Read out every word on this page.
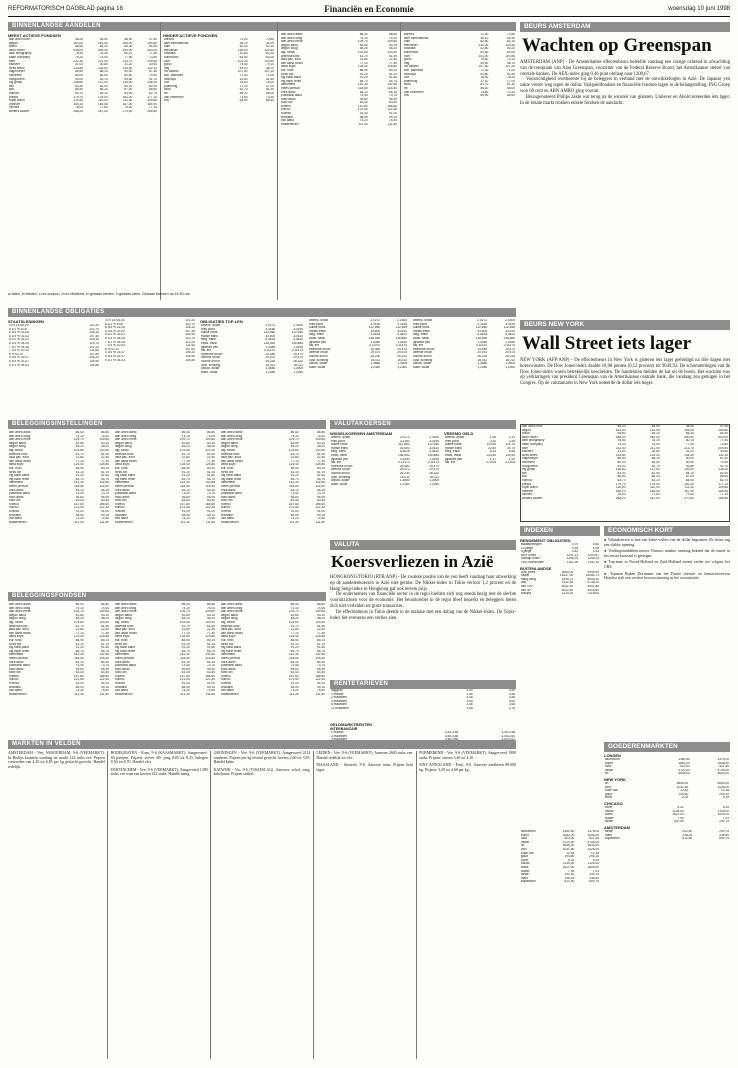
REFORMATORISCH DAGBLAD pagina 18	Financiën en Economie	woensdag 10 juni 1998
BINNENLANDSE AANDELEN
MEEST ACTIEVE FONDSEN
abn amro hold	48.20	48.50	48.90	47.60
aegon	163,00	161,50	165,00	159,80
ahold	65,60	65,20	66,30	64,90
akzo nobel	448,00	445,00	450,00	443,00
asm lithography	78,40	78,30	80,10	77,50
baan company	75,20	74,00	77,90	73,80
dsm	212,30	211,00	213,70	209,50
elsevier	31,00	30,80	31,20	30,60
fortis amev	133,80	133,00	134,40	132,10
hagemeyer	88,90	88,10	90,00	87,40
heineken	80,00	80,50	80,90	79,90
hoogovens	93,00	92,70	93,80	91,70
ing groep	138,60	137,50	139,90	136,20
klm	83,30	82,90	84,10	82,00
kpn	86,50	86,20	87,00	85,60
numico	63,70	63,10	64,00	62,70
philips	179,70	178,00	181,20	177,10
royal dutch	110,50	110,00	111,30	109,60
unilever	166,10	165,50	167,00	164,90
vendex	78,00	77,80	79,00	77,10
wolters kluwer	268,20	267,00	270,40	265,60
HINDER ACTIEVE FONDSEN
ahrend	71,00	70,80
asm international	35,10	34,90
bam	62,50	62,10
benckiser	130,00	129,50
boskalis	52,60	52,20
buhrmann	63,40	63,00
csm	101,00	100,80
gucci	79,40	79,10
hbg	49,00	48,70
ihc caland	107,50	107,20
kon. pakhoed	71,30	71,00
nedlloyd	51,80	51,50
oce	78,40	78,20
pharming	17,10	17,00
stork	81,70	81,30
tnt	55,20	55,00
van ommeren	73,60	73,30
vnu	65,90	65,60
abn amro aand	86,40	86,80
abn amro oblig	74,10	74,00
abn amro rente	109,70	109,60
aegon aand	52,80	53,10
aegon oblig	48,20	48,20
alg. fonds	103,60	103,90
amerika fund	61,70	61,50
asia pac. fund	22,80	22,40
asn aand fonds	77,10	77,40
delta lloyd	125,40	125,80
eur. fund	88,90	89,10
fortis obl	51,10	51,10
ing bank aand	91,20	91,60
ing bank rente	65,70	65,70
intereffekt	142,30	142,80
mees pierson	118,50	118,40
ohra aand	64,10	64,30
postbank aand	73,40	73,70
rabo aand	95,60	95,90
rabo obl	63,40	63,40
robeco	167,80	168,60
rolinco	121,50	122,30
rorento	91,00	91,00
snsbank	58,90	59,10
vsb aand	74,20	74,50
zwitserleven	111,30	111,60
ahrend	71,00	70,80
asm international	35,10	34,90
bam	62,50	62,10
benckiser	130,00	129,50
boskalis	52,60	52,20
buhrmann	63,40	63,00
csm	101,00	100,80
gucci	79,40	79,10
hbg	49,00	48,70
ihc caland	107,50	107,20
kon. pakhoed	71,30	71,00
nedlloyd	51,80	51,50
oce	78,40	78,20
pharming	17,10	17,00
stork	81,70	81,30
tnt	55,20	55,00
van ommeren	73,60	73,30
vnu	65,90	65,60
a=laten, b=bieden, c=ex-coupon, d=ex-dividend, e=gedaan-bieden, f=gedaan-laten. Gedaan koersen na 16.30 uur.
BEURS AMSTERDAM
Wachten op Greenspan
AMSTERDAM (ANP) - De Amsterdamse effectenbeurs beleefde vandaag een rustige ochtend in afwachting van de toespraak van Alan Greenspan, voorzitter van de Federal Reserve Board, het Amerikaanse stelsel van centrale banken. De AEX-index ging 0,46 punt omlaag naar 1200,67.
Voorzichtigheid overheerste bij de beleggers in verband met de ontwikkelingen in Azië. De Japanse yen zakte verder weg tegen de dollar. Vastgoedfondsen en financiële fondsen lagen in de belangstelling. ING Groep won 60 cent en ABN AMRO ging vooruit.
Beursgenoteerd Philips zakte wat terug na de winsten van gisteren. Unilever en Ahold noteerden iets lager. In de lokale markt trokken enkele fondsen de aandacht.
BINNENLANDSE OBLIGATIES
STAATSLENINGEN
10 x 15 08-00	102,20
8 1/2 % 6-00	103,70
6 3/4 % 01-06	108,10
6 1/4 % 02-02	107,40
8 1/2 % 03-01	109,30
8 1/4 % 04-05	110,70
7 1/2 % 04-08	112,20
7 1/4 % 10-04	111,60
6 % 01-07	107,60
5 3/4 % 01-07	106,20
5 3/4 % 02-07	105,90
5 1/2 % 04-03	104,80
10 x 15 08-00	102,20
8 1/2 % 6-00	103,70
6 3/4 % 01-06	108,10
6 1/4 % 02-02	107,40
8 1/2 % 03-01	109,30
8 1/4 % 04-05	110,70
7 1/2 % 04-08	112,20
7 1/4 % 10-04	111,60
6 % 01-07	107,60
5 3/4 % 01-07	106,20
5 3/4 % 02-07	105,90
5 1/2 % 04-03	104,80
OBLIGATIES TOP-LEN
amerik. dollar	2,0272	2,0300
brits pond	3,3160	3,3195
duitse mark	112,660	112,655
franse frank	33,600	33,610
belg. frank	5,4618	5,4620
zwits. frank	136,550	136,880
japanse yen	1,4380	1,4250
ital. lire	0,11470	0,11475
zweedse kroon	25,480	25,470
deense kroon	29,570	29,575
noorse kroon	26,230	26,220
oost. schilling	16,011	16,012
canad. dollar	1,3880	1,3905
austr. dollar	1,2380	1,2360
amerik. dollar	2,0272	2,0300
brits pond	3,3160	3,3195
duitse mark	112,660	112,655
franse frank	33,600	33,610
belg. frank	5,4618	5,4620
zwits. frank	136,550	136,880
japanse yen	1,4380	1,4250
ital. lire	0,11470	0,11475
zweedse kroon	25,480	25,470
deense kroon	29,570	29,575
noorse kroon	26,230	26,220
oost. schilling	16,011	16,012
canad. dollar	1,3880	1,3905
austr. dollar	1,2380	1,2360
amerik. dollar	2,0272	2,0300
brits pond	3,3160	3,3195
duitse mark	112,660	112,655
franse frank	33,600	33,610
belg. frank	5,4618	5,4620
zwits. frank	136,550	136,880
japanse yen	1,4380	1,4250
ital. lire	0,11470	0,11475
zweedse kroon	25,480	25,470
deense kroon	29,570	29,575
noorse kroon	26,230	26,220
oost. schilling	16,011	16,012
canad. dollar	1,3880	1,3905
austr. dollar	1,2380	1,2360
BEURS NEW YORK
Wall Street iets lager
NEW YORK (AFP/ANP) - De effectenbeurs in New York is gisteren iets lager geëindigd na drie dagen met koerswinsten. De Dow Jones-index daalde 10,08 punten (0,12 procent) tot 9049,92. De schommelingen van de Dow Jones-index waren betrekkelijk bescheiden. De handelaren hielden de kat uit de boom. Het wachten was op verklaringen van president Greenspan van de Amerikaanse centrale bank, die vandaag zou getuigen in het Congres. Op de valutamarkt in New York noteerde de dollar iets hoger.
BELEGGINGSINSTELLINGEN
abn amro aand	86,40	86,80
abn amro oblig	74,10	74,00
abn amro rente	109,70	109,60
aegon aand	52,80	53,10
aegon oblig	48,20	48,20
alg. fonds	103,60	103,90
amerika fund	61,70	61,50
asia pac. fund	22,80	22,40
asn aand fonds	77,10	77,40
delta lloyd	125,40	125,80
eur. fund	88,90	89,10
fortis obl	51,10	51,10
ing bank aand	91,20	91,60
ing bank rente	65,70	65,70
intereffekt	142,30	142,80
mees pierson	118,50	118,40
ohra aand	64,10	64,30
postbank aand	73,40	73,70
rabo aand	95,60	95,90
rabo obl	63,40	63,40
robeco	167,80	168,60
rolinco	121,50	122,30
rorento	91,00	91,00
snsbank	58,90	59,10
vsb aand	74,20	74,50
zwitserleven	111,30	111,60
abn amro aand	86,40	86,80
abn amro oblig	74,10	74,00
abn amro rente	109,70	109,60
aegon aand	52,80	53,10
aegon oblig	48,20	48,20
alg. fonds	103,60	103,90
amerika fund	61,70	61,50
asia pac. fund	22,80	22,40
asn aand fonds	77,10	77,40
delta lloyd	125,40	125,80
eur. fund	88,90	89,10
fortis obl	51,10	51,10
ing bank aand	91,20	91,60
ing bank rente	65,70	65,70
intereffekt	142,30	142,80
mees pierson	118,50	118,40
ohra aand	64,10	64,30
postbank aand	73,40	73,70
rabo aand	95,60	95,90
rabo obl	63,40	63,40
robeco	167,80	168,60
rolinco	121,50	122,30
rorento	91,00	91,00
snsbank	58,90	59,10
vsb aand	74,20	74,50
zwitserleven	111,30	111,60
abn amro aand	86,40	86,80
abn amro oblig	74,10	74,00
abn amro rente	109,70	109,60
aegon aand	52,80	53,10
aegon oblig	48,20	48,20
alg. fonds	103,60	103,90
amerika fund	61,70	61,50
asia pac. fund	22,80	22,40
asn aand fonds	77,10	77,40
delta lloyd	125,40	125,80
eur. fund	88,90	89,10
fortis obl	51,10	51,10
ing bank aand	91,20	91,60
ing bank rente	65,70	65,70
intereffekt	142,30	142,80
mees pierson	118,50	118,40
ohra aand	64,10	64,30
postbank aand	73,40	73,70
rabo aand	95,60	95,90
rabo obl	63,40	63,40
robeco	167,80	168,60
rolinco	121,50	122,30
rorento	91,00	91,00
snsbank	58,90	59,10
vsb aand	74,20	74,50
zwitserleven	111,30	111,60
VALUTAKOERSEN
WISSELKOERSEN AMSTERDAM
amerik. dollar	2,0272	2,0300
brits pond	3,3160	3,3195
duitse mark	112,660	112,655
franse frank	33,600	33,610
belg. frank	5,4618	5,4620
zwits. frank	136,550	136,880
japanse yen	1,4380	1,4250
ital. lire	0,11470	0,11475
zweedse kroon	25,480	25,470
deense kroon	29,570	29,575
noorse kroon	26,230	26,220
oost. schilling	16,011	16,012
canad. dollar	1,3880	1,3905
austr. dollar	1,2380	1,2360
VREEMD GELD
amerik. dollar	1,96	2,11
brits pond	3,20	3,44
duitse mark	110,50	114,75
franse frank	32,50	34,75
belg. frank	5,33	5,58
zwits. frank	133,50	139,50
japanse yen	1,37	1,50
ital. lire	0,1105	0,1205
abn amro hold	48.20	48.50	48.90	47.60
aegon	163,00	161,50	165,00	159,80
ahold	65,60	65,20	66,30	64,90
akzo nobel	448,00	445,00	450,00	443,00
asm lithography	78,40	78,30	80,10	77,50
baan company	75,20	74,00	77,90	73,80
dsm	212,30	211,00	213,70	209,50
elsevier	31,00	30,80	31,20	30,60
fortis amev	133,80	133,00	134,40	132,10
hagemeyer	88,90	88,10	90,00	87,40
heineken	80,00	80,50	80,90	79,90
hoogovens	93,00	92,70	93,80	91,70
ing groep	138,60	137,50	139,90	136,20
klm	83,30	82,90	84,10	82,00
kpn	86,50	86,20	87,00	85,60
numico	63,70	63,10	64,00	62,70
philips	179,70	178,00	181,20	177,10
royal dutch	110,50	110,00	111,30	109,60
unilever	166,10	165,50	167,00	164,90
vendex	78,00	77,80	79,00	77,10
wolters kluwer	268,20	267,00	270,40	265,60
VALUTA
Koersverliezen in Azië
HONGKONG/TOKIO (RTR/ANP) - De zwakke positie van de yen heeft vandaag haar uitwerking op de aandelenkoersen in Azië niet gemist. De Nikkei-index in Tokio verloor 1,2 procent en de Hang Seng-index in Hongkong gaf ook terrein prijs.
De ondernemers van financiële sector in de regio hielden zich nog steeds bezig met de slechte vooruitzichten voor de economie. Het beurskrediet in de regio bleef beperkt en beleggers lieten zich niet verleiden tot grote transacties.
De effectenbeurs in Tokio deelde in de malaise met een daling van de Nikkei-index. De Topix-index liet eveneens een verlies zien.
INDEXEN
RENDEMENT OBLIGATIES
staatsleningen	4,79	4,80
10 jarige	4,94	4,95
5 jarige	4,42	4,43
AEX-index	1201,13	1200,67
midkap-index	1256,30	1255,10
CBS koersindex	1142,90	1142,10
BUITENLANDSE
dow jones	9060,00	9049,92
nikkei	15237,30	15054,71
hang seng	8190,11	8049,30
dax	5740,30	5736,10
ftse 100	5911,30	5902,80
cac 40	4022,40	4018,60
europa	1120,20	1119,60
ECONOMISCH KORT
● Valutakoersen is met een lichte verlies van de dollar begonnen. De beurs zag een vlakke opening.
● Voedingsmiddelenconcern Numico maakte vandaag bekend dat de omzet in het eerste kwartaal is gestegen.
● Toerisme in Noord-Holland en Zuid-Holland neemt verder toe volgens het CBS.
● Topman Rijken Dortmann van het Duitse chemie- en farmaciaconcern Hoechst stelt een verdere herstructurering in het vooruitzicht.
BELEGGINGSFONDSEN
abn amro aand	86,40	86,80
abn amro oblig	74,10	74,00
abn amro rente	109,70	109,60
aegon aand	52,80	53,10
aegon oblig	48,20	48,20
alg. fonds	103,60	103,90
amerika fund	61,70	61,50
asia pac. fund	22,80	22,40
asn aand fonds	77,10	77,40
delta lloyd	125,40	125,80
eur. fund	88,90	89,10
fortis obl	51,10	51,10
ing bank aand	91,20	91,60
ing bank rente	65,70	65,70
intereffekt	142,30	142,80
mees pierson	118,50	118,40
ohra aand	64,10	64,30
postbank aand	73,40	73,70
rabo aand	95,60	95,90
rabo obl	63,40	63,40
robeco	167,80	168,60
rolinco	121,50	122,30
rorento	91,00	91,00
snsbank	58,90	59,10
vsb aand	74,20	74,50
zwitserleven	111,30	111,60
abn amro aand	86,40	86,80
abn amro oblig	74,10	74,00
abn amro rente	109,70	109,60
aegon aand	52,80	53,10
aegon oblig	48,20	48,20
alg. fonds	103,60	103,90
amerika fund	61,70	61,50
asia pac. fund	22,80	22,40
asn aand fonds	77,10	77,40
delta lloyd	125,40	125,80
eur. fund	88,90	89,10
fortis obl	51,10	51,10
ing bank aand	91,20	91,60
ing bank rente	65,70	65,70
intereffekt	142,30	142,80
mees pierson	118,50	118,40
ohra aand	64,10	64,30
postbank aand	73,40	73,70
rabo aand	95,60	95,90
rabo obl	63,40	63,40
robeco	167,80	168,60
rolinco	121,50	122,30
rorento	91,00	91,00
snsbank	58,90	59,10
vsb aand	74,20	74,50
zwitserleven	111,30	111,60
abn amro aand	86,40	86,80
abn amro oblig	74,10	74,00
abn amro rente	109,70	109,60
aegon aand	52,80	53,10
aegon oblig	48,20	48,20
alg. fonds	103,60	103,90
amerika fund	61,70	61,50
asia pac. fund	22,80	22,40
asn aand fonds	77,10	77,40
delta lloyd	125,40	125,80
eur. fund	88,90	89,10
fortis obl	51,10	51,10
ing bank aand	91,20	91,60
ing bank rente	65,70	65,70
intereffekt	142,30	142,80
mees pierson	118,50	118,40
ohra aand	64,10	64,30
postbank aand	73,40	73,70
rabo aand	95,60	95,90
rabo obl	63,40	63,40
robeco	167,80	168,60
rolinco	121,50	122,30
rorento	91,00	91,00
snsbank	58,90	59,10
vsb aand	74,20	74,50
zwitserleven	111,30	111,60
RENTETARIEVEN
daggeld	3,40	3,50
1 maand	3,46	3,56
2 maanden	3,48	3,58
3 maanden	3,50	3,60
6 maanden	3,56	3,66
12 maanden	3,68	3,78
GELDMARKTRENTEN
INTERBANCAIR
1 maand	3,44-3,56	3,46-3,58
2 maanden	3,46-3,58	3,48-3,60

MARKTEN IN VELDEN
AMSTERDAM - Vee, AMSTERDAM, 9-6 (VEEMARKT). In Berlijn kwamen vandaag ter markt 122 stuks vee. Prijzen varieerden van 4,20 tot 6,85 per kg geslacht gewicht. Handel redelijk.
BODEGRAVEN - Kaas, 9-6 (KAASMARKT). Aangevoerd: 84 partijen. Prijzen: volvet 48+ jong 8,05 tot 8,25, belegen 8,50 tot 8,70. Handel vlot.
DOETINCHEM - Vee, 9-6 (VEEMARKT). Aangevoerd 1380 stuks vee waarvan koeien 412 stuks. Handel matig.
GRONINGEN - Vee, 9-6 (VEEMARKT). Aangevoerd 2114 runderen. Prijzen per kg levend gewicht: koeien 2,60 tot 3,95. Handel kalm.
KATWIJK - Vis, 9-6 (VISAFSLAG). Aanvoer: schol, tong, kabeljauw. Prijzen stabiel.
LEIDEN - Vee, 9-6 (VEEMARKT). Aanvoer 2640 stuks vee. Handel redelijk tot vlot.
MAASLAND - Sierteelt, 9-6. Aanvoer ruim. Prijzen licht lager.
PURMEREND - Vee, 9-6 (VEEMARKT). Aangevoerd 1980 stuks. Prijzen: stieren 3,40 tot 4,10.
SINT ANNALAND - Fruit, 9-6. Aanvoer aardbeien 88.000 kg. Prijzen: 3,20 tot 4,60 per kg.
GOEDERENMARKTEN
LONDEN
aluminium	1380,50	1375,00
koper	1652,00	1648,50
lood	523,00	521,50
nikkel	4720,00	4705,00
tin	5645,00	5630,00
NEW YORK
tin	5645,00	5630,00
zink	1031,50	1028,00
ruwe olie	12,45	12,38
goud	294,60	295,10
zilver	5,32	5,29
CHICAGO
zilver	5,32	5,29
cacao	1135,00	1128,00
koffie	1621,00	1609,00
suiker	7,95	7,91
tarwe	292,50	290,75
AMSTERDAM
tarwe	292,50	290,75
maïs	238,25	236,50
sojabonen	612,50	609,75
aluminium	1380,50	1375,00
koper	1652,00	1648,50
lood	523,00	521,50
nikkel	4720,00	4705,00
tin	5645,00	5630,00
zink	1031,50	1028,00
ruwe olie	12,45	12,38
goud	294,60	295,10
zilver	5,32	5,29
cacao	1135,00	1128,00
koffie	1621,00	1609,00
suiker	7,95	7,91
tarwe	292,50	290,75
maïs	238,25	236,50
sojabonen	612,50	609,75
